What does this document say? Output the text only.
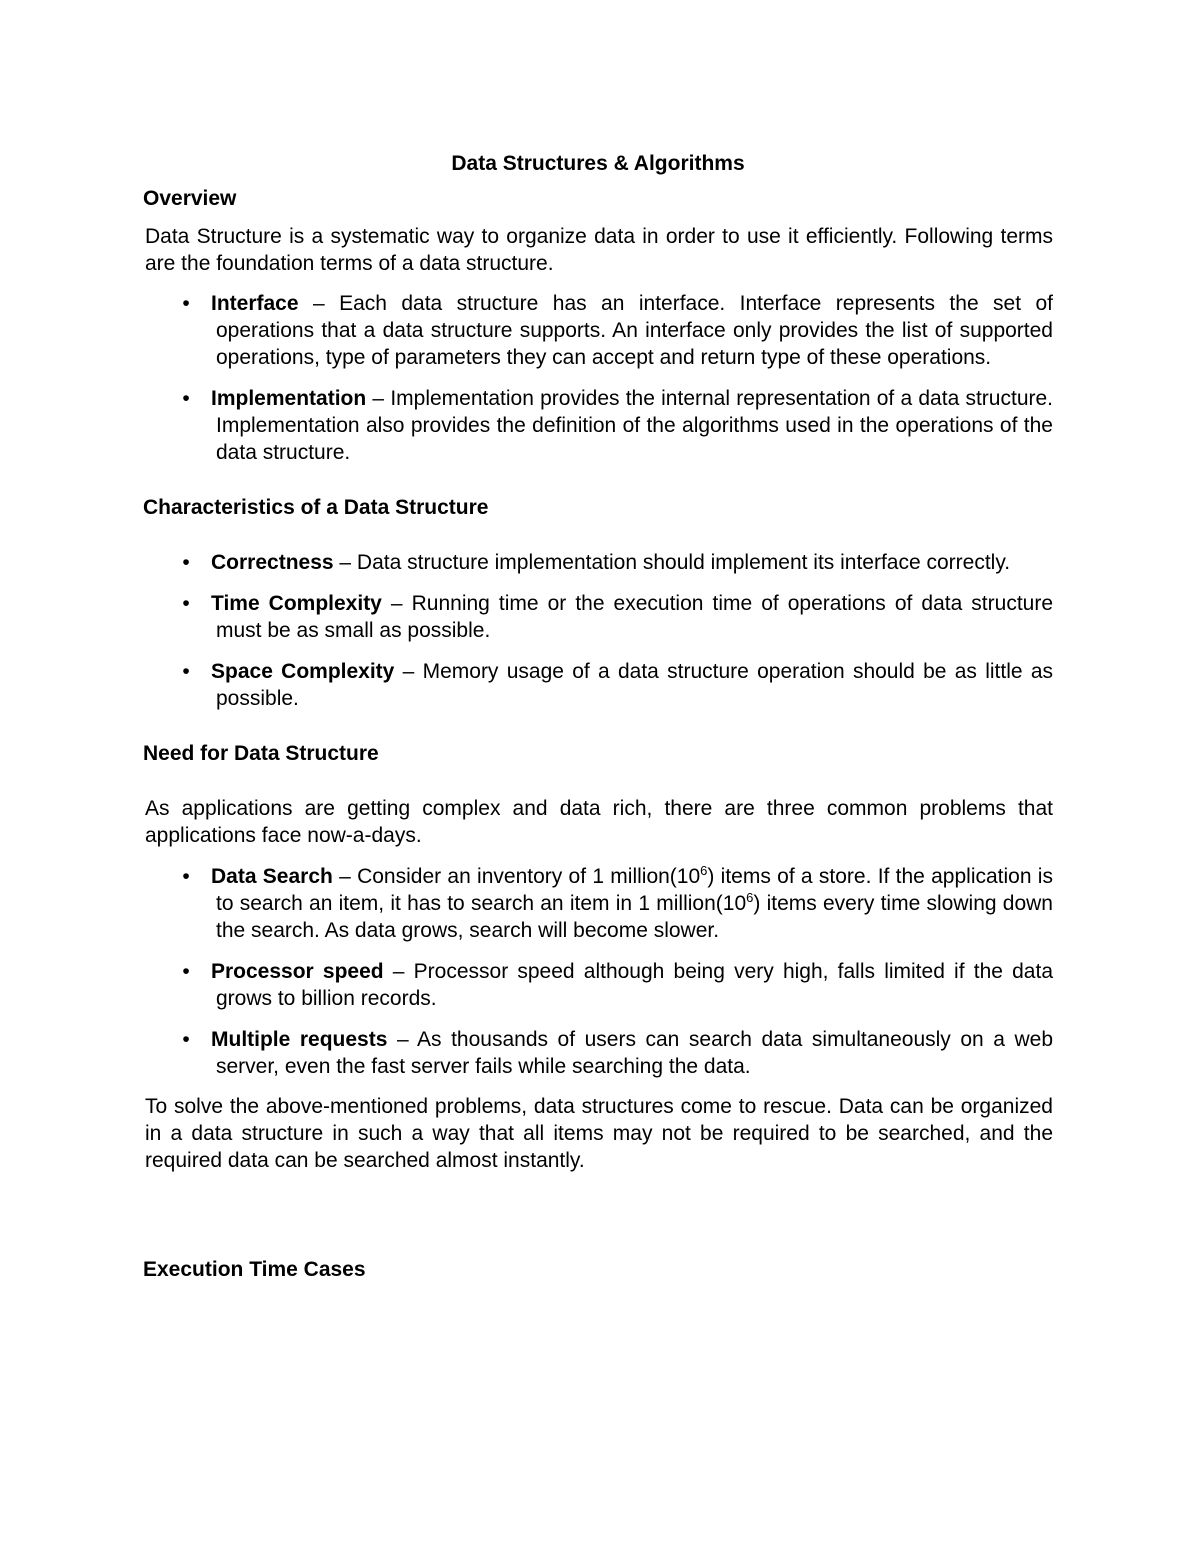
Data Structures & Algorithms

Overview

Data Structure is a systematic way to organize data in order to use it efficiently. Following terms are the foundation terms of a data structure.

• Interface – Each data structure has an interface. Interface represents the set of operations that a data structure supports. An interface only provides the list of supported operations, type of parameters they can accept and return type of these operations.
• Implementation – Implementation provides the internal representation of a data structure. Implementation also provides the definition of the algorithms used in the operations of the data structure.

Characteristics of a Data Structure

• Correctness – Data structure implementation should implement its interface correctly.
• Time Complexity – Running time or the execution time of operations of data structure must be as small as possible.
• Space Complexity – Memory usage of a data structure operation should be as little as possible.

Need for Data Structure

As applications are getting complex and data rich, there are three common problems that applications face now-a-days.

• Data Search – Consider an inventory of 1 $million(10^6)$ items of a store. If the application is to search an item, it has to search an item in 1 $million(10^6)$ items every time slowing down the search. As data grows, search will become slower.
• Processor speed – Processor speed although being very high, falls limited if the data grows to billion records.
• Multiple requests – As thousands of users can search data simultaneously on a web server, even the fast server fails while searching the data.

To solve the above-mentioned problems, data structures come to rescue. Data can be organized in a data structure in such a way that all items may not be required to be searched, and the required data can be searched almost instantly.

Execution Time Cases
